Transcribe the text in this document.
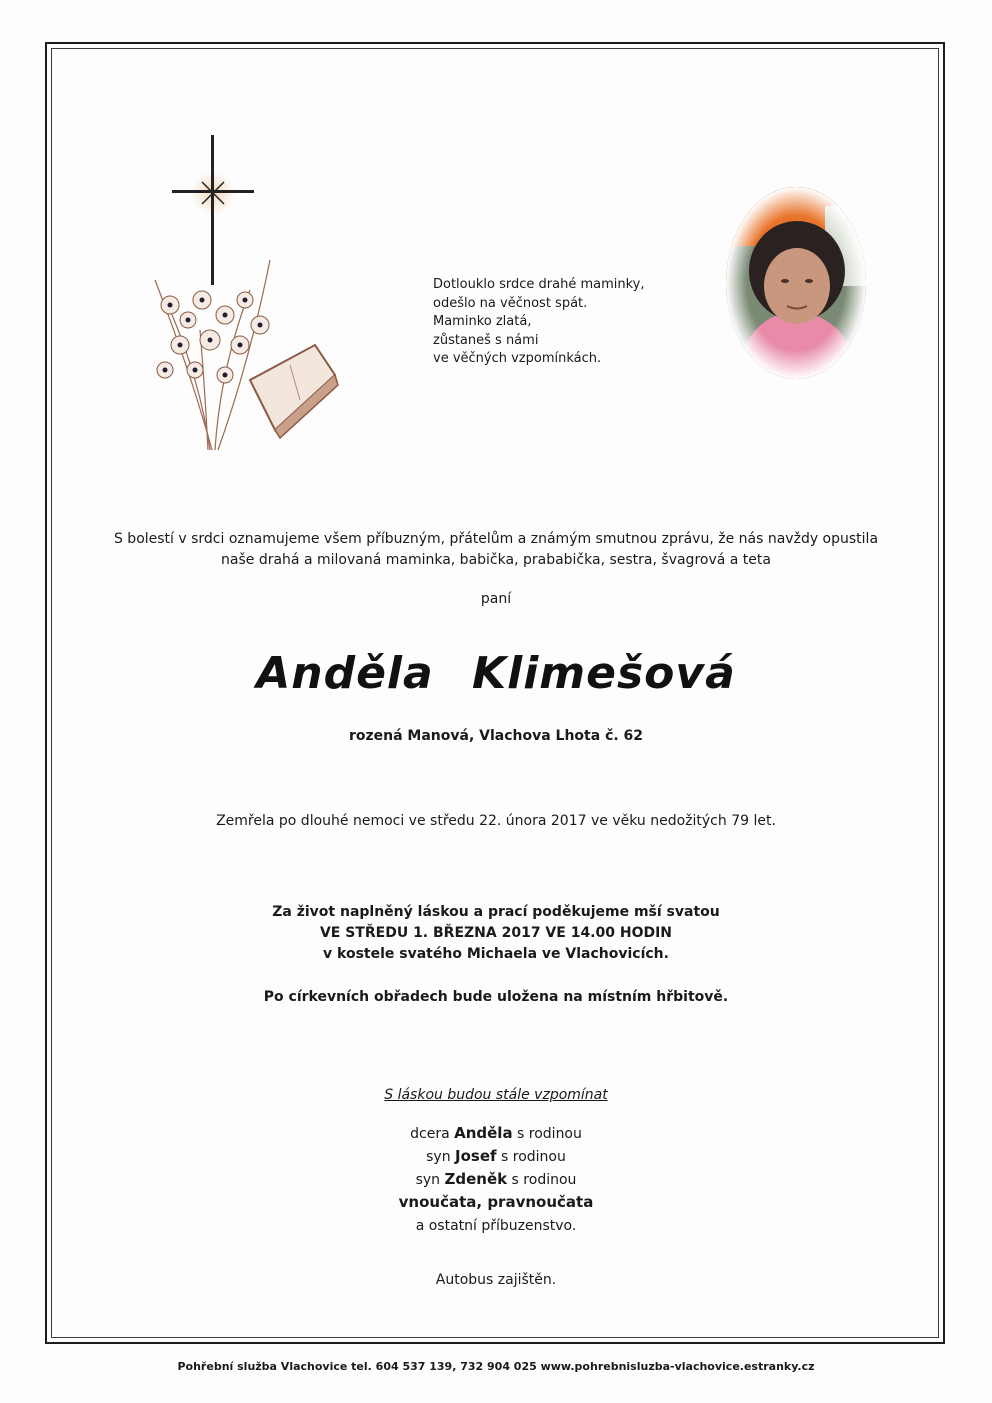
Dotlouklo srdce drahé maminky,
odešlo na věčnost spát.
Maminko zlatá,
zůstaneš s námi
ve věčných vzpomínkách.
S bolestí v srdci oznamujeme všem příbuzným, přátelům a známým smutnou zprávu, že nás navždy opustila
naše drahá a milovaná maminka, babička, prababička, sestra, švagrová a teta
paní
Anděla Klimešová
rozená Manová, Vlachova Lhota č. 62
Zemřela po dlouhé nemoci ve středu 22. února 2017 ve věku nedožitých 79 let.
Za život naplněný láskou a prací poděkujeme mší svatou
VE STŘEDU 1. BŘEZNA 2017 VE 14.00 HODIN
v kostele svatého Michaela ve Vlachovicích.
Po církevních obřadech bude uložena na místním hřbitově.
S láskou budou stále vzpomínat
dcera Anděla s rodinou
syn Josef s rodinou
syn Zdeněk s rodinou
vnoučata, pravnoučata
a ostatní příbuzenstvo.
Autobus zajištěn.
Pohřební služba Vlachovice tel. 604 537 139, 732 904 025 www.pohrebnisluzba-vlachovice.estranky.cz
